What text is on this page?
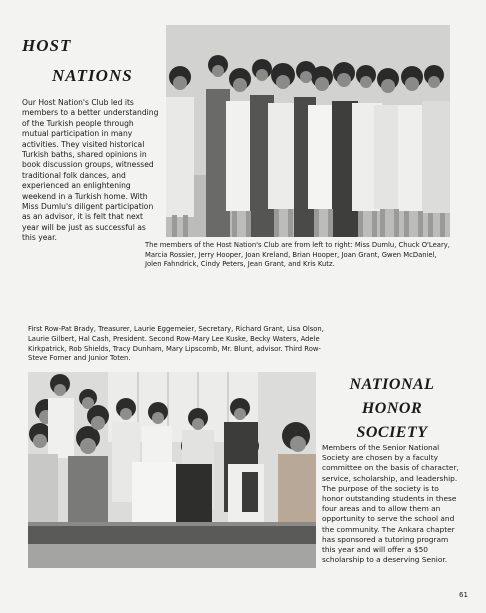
HOST
NATIONS

Our Host Nation's Club led its members to a better understanding of the Turkish people through mutual participation in many activities. They visited historical Turkish baths, shared opinions in book discussion groups, witnessed traditional folk dances, and experienced an enlightening weekend in a Turkish home. With Miss Dumlu's diligent participation as an advisor, it is felt that next year will be just as successful as this year.

The members of the Host Nation's Club are from left to right: Miss Dumlu, Chuck O'Leary, Marcia Rossier, Jerry Hooper, Joan Kreland, Brian Hooper, Joan Grant, Gwen McDaniel, Jolen Fahndrick, Cindy Peters, Jean Grant, and Kris Kutz.

First Row-Pat Brady, Treasurer, Laurie Eggemeier, Secretary, Richard Grant, Lisa Olson, Laurie Gilbert, Hal Cash, President. Second Row-Mary Lee Kuske, Becky Waters, Adele Kirkpatrick, Rob Shields, Tracy Dunham, Mary Lipscomb, Mr. Blunt, advisor. Third Row-Steve Forner and Junior Toten.

NATIONAL
HONOR
SOCIETY

Members of the Senior National Society are chosen by a faculty committee on the basis of character, service, scholarship, and leadership. The purpose of the society is to honor outstanding students in these four areas and to allow them an opportunity to serve the school and the community. The Ankara chapter has sponsored a tutoring program this year and will offer a $50 scholarship to a deserving Senior.

61
